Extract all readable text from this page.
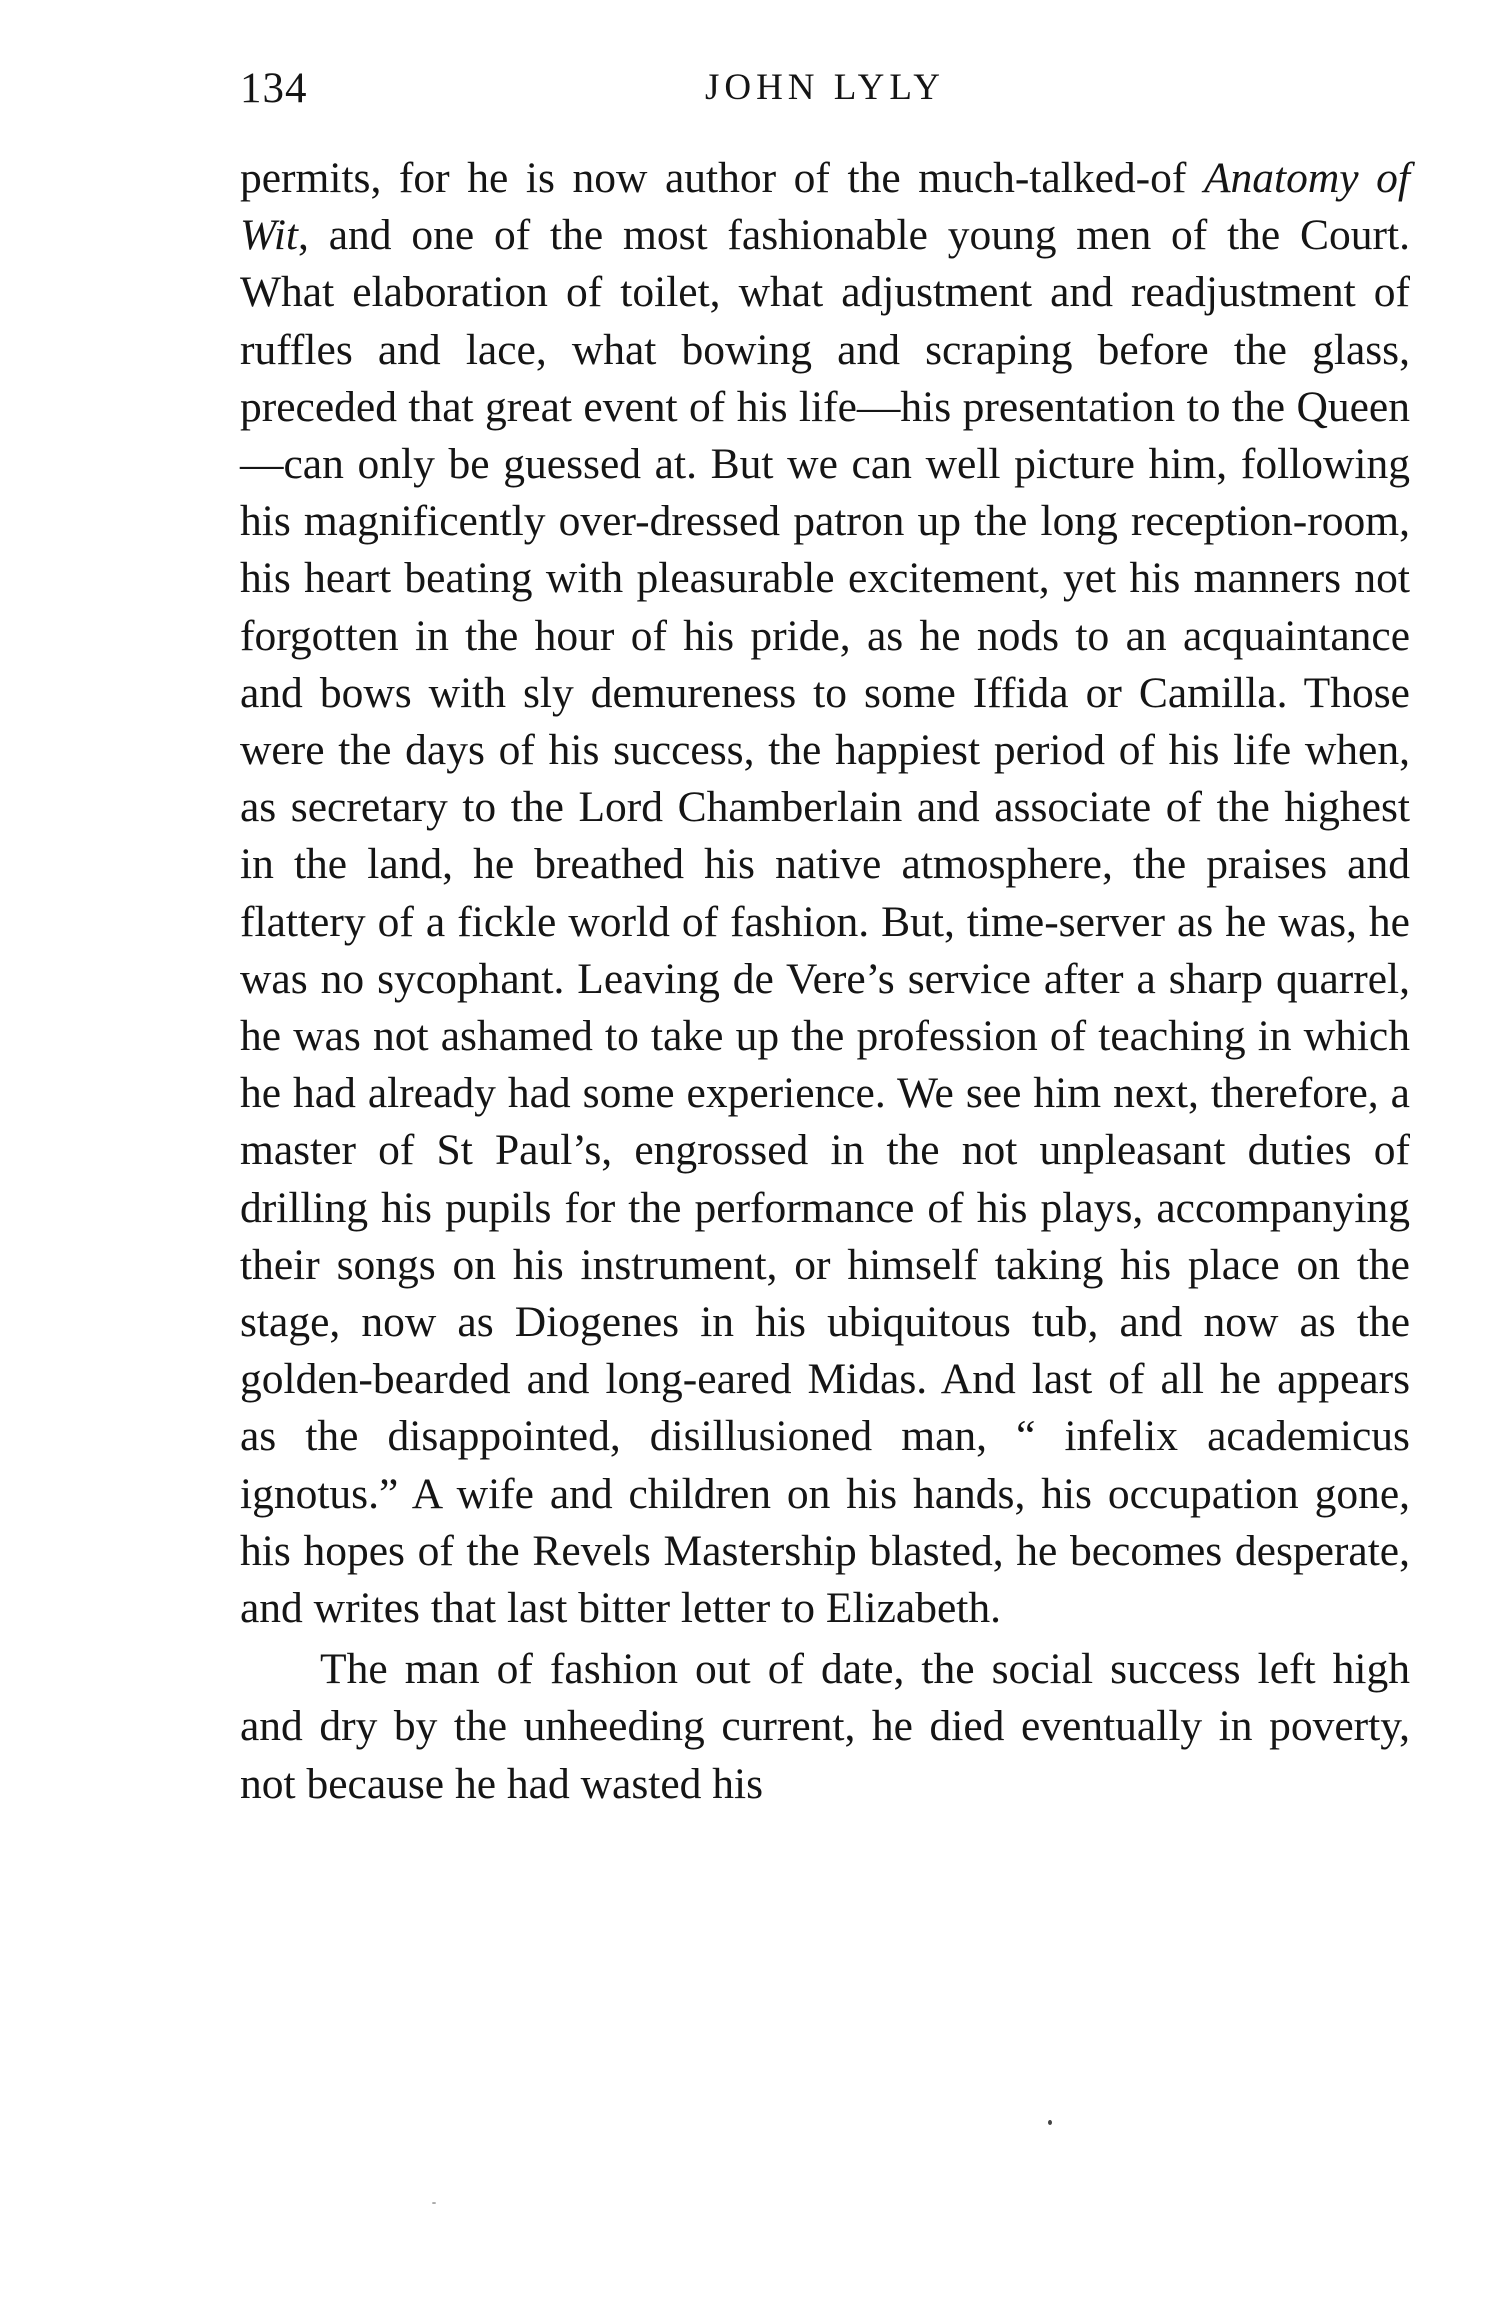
134	JOHN LYLY

permits, for he is now author of the much-talked-of Anatomy of Wit, and one of the most fashionable young men of the Court. What elaboration of toilet, what adjustment and readjustment of ruffles and lace, what bowing and scraping before the glass, preceded that great event of his life—his presentation to the Queen—can only be guessed at. But we can well picture him, following his magnificently over-dressed patron up the long reception-room, his heart beating with pleasurable excitement, yet his manners not forgotten in the hour of his pride, as he nods to an acquaintance and bows with sly demureness to some Iffida or Camilla. Those were the days of his success, the happiest period of his life when, as secretary to the Lord Chamberlain and associate of the highest in the land, he breathed his native atmosphere, the praises and flattery of a fickle world of fashion. But, time-server as he was, he was no sycophant. Leaving de Vere’s service after a sharp quarrel, he was not ashamed to take up the profession of teaching in which he had already had some experience. We see him next, therefore, a master of St Paul’s, engrossed in the not unpleasant duties of drilling his pupils for the performance of his plays, accompanying their songs on his instrument, or himself taking his place on the stage, now as Diogenes in his ubiquitous tub, and now as the golden-bearded and long-eared Midas. And last of all he appears as the disappointed, disillusioned man, “ infelix academicus ignotus.” A wife and children on his hands, his occupation gone, his hopes of the Revels Mastership blasted, he becomes desperate, and writes that last bitter letter to Elizabeth.

The man of fashion out of date, the social success left high and dry by the unheeding current, he died eventually in poverty, not because he had wasted his
